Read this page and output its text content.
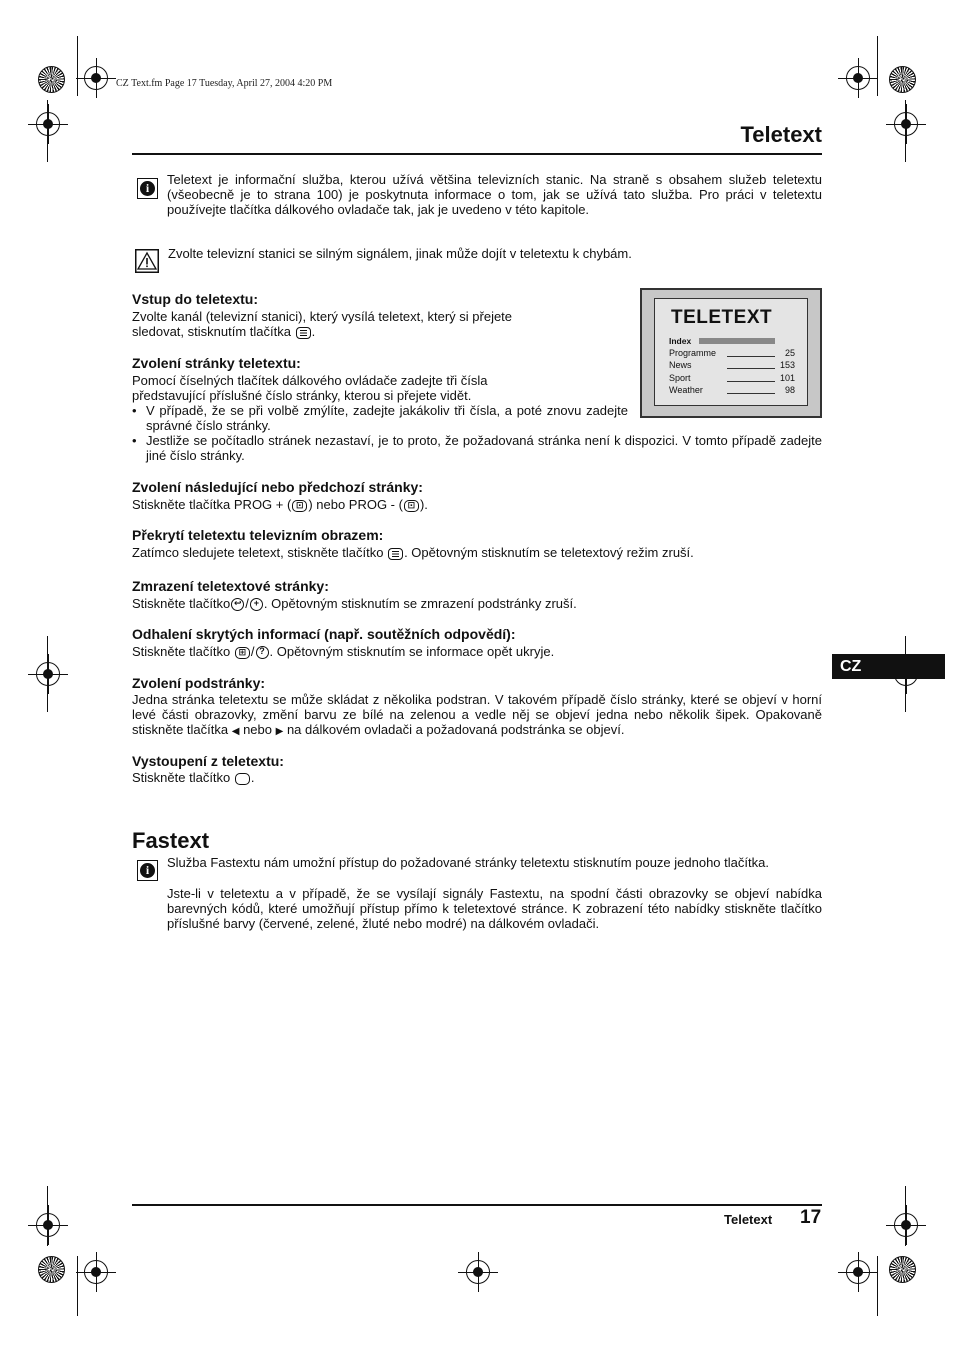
CZ Text.fm Page 17 Tuesday, April 27, 2004 4:20 PM
Teletext
i
Teletext je informační služba, kterou užívá většina televizních stanic. Na straně s obsahem služeb teletextu (všeobecně je to strana 100) je poskytnuta informace o tom, jak se užívá tato služba. Pro práci v teletextu používejte tlačítka dálkového ovladače tak, jak je uvedeno v této kapitole.
Zvolte televizní stanici se silným signálem, jinak může dojít v teletextu k chybám.
TELETEXT
Index
Programme	25
News	153
Sport	101
Weather	98
Vstup do teletextu:
Zvolte kanál (televizní stanici), který vysílá teletext, který si přejete sledovat, stisknutím tlačítka .
Zvolení stránky teletextu:
Pomocí číselných tlačítek dálkového ovládače zadejte tři čísla představující příslušné číslo stránky, kterou si přejete vidět.
• V případě, že se při volbě zmýlíte, zadejte jakákoliv tři čísla, a poté znovu zadejte správné číslo stránky.
• Jestliže se počítadlo stránek nezastaví, je to proto, že požadovaná stránka není k dispozici. V tomto případě zadejte jiné číslo stránky.
Zvolení následující nebo předchozí stránky:
Stiskněte tlačítka PROG + ( ⊡ ) nebo PROG - ( ⊡ ).
Překrytí teletextu televizním obrazem:
Zatímco sledujete teletext, stiskněte tlačítko . Opětovným stisknutím se teletextový režim zruší.
Zmrazení teletextové stránky:
Stiskněte tlačítko ↩ / + . Opětovným stisknutím se zmrazení podstránky zruší.
Odhalení skrytých informací (např. soutěžních odpovědí):
Stiskněte tlačítko ⊞ / ? . Opětovným stisknutím se informace opět ukryje.
Zvolení podstránky:
Jedna stránka teletextu se může skládat z několika podstran. V takovém případě číslo stránky, které se objeví v horní levé části obrazovky, změní barvu ze bílé na zelenou a vedle něj se objeví jedna nebo několik šipek. Opakovaně stiskněte tlačítka ◀ nebo ▶ na dálkovém ovladači a požadovaná podstránka se objeví.
Vystoupení z teletextu:
Stiskněte tlačítko .
Fastext
i	Služba Fastextu nám umožní přístup do požadované stránky teletextu stisknutím pouze jednoho tlačítka.
Jste-li v teletextu a v případě, že se vysílají signály Fastextu, na spodní části obrazovky se objeví nabídka barevných kódů, které umožňují přístup přímo k teletextové stránce. K zobrazení této nabídky stiskněte tlačítko příslušné barvy (červené, zelené, žluté nebo modré) na dálkovém ovladači.
CZ
Teletext 17
